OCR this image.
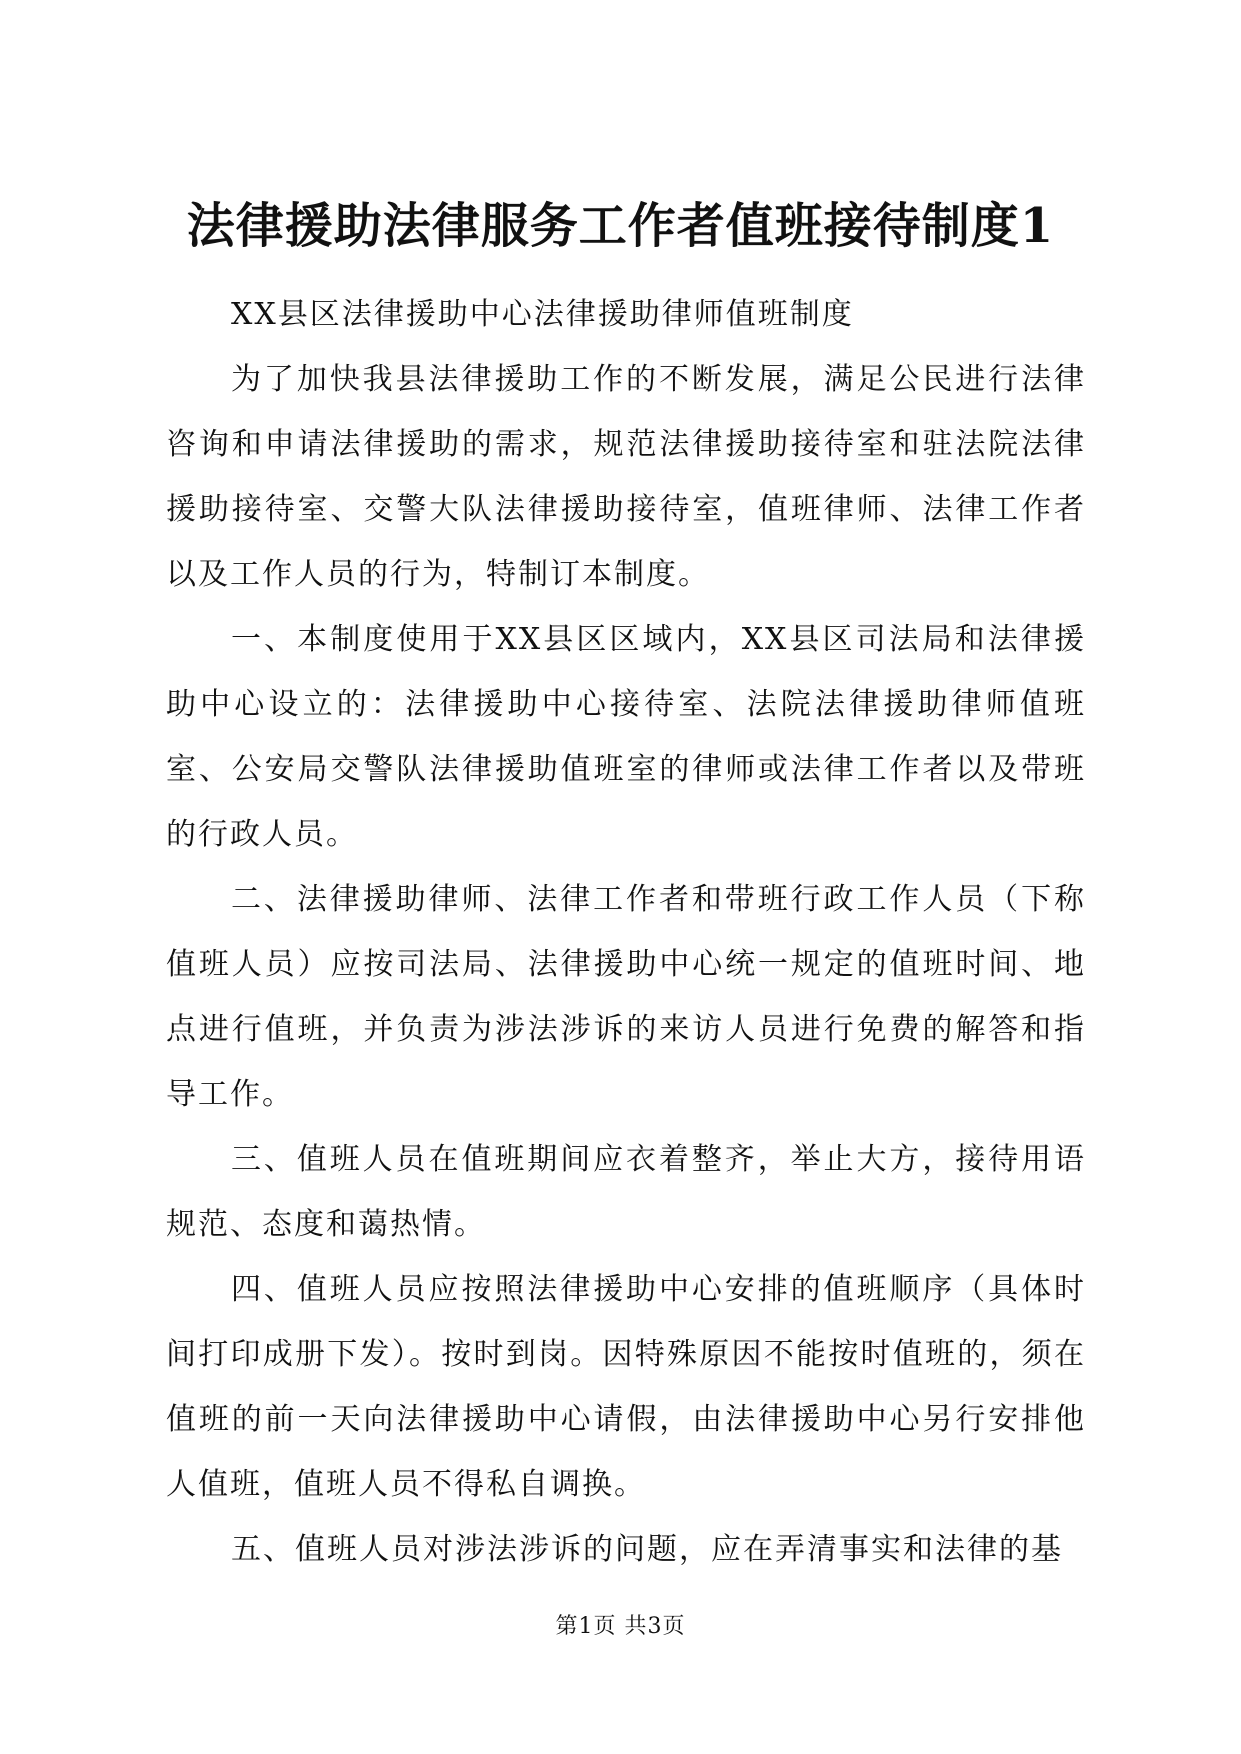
法律援助法律服务工作者值班接待制度1

XX县区法律援助中心法律援助律师值班制度

为了加快我县法律援助工作的不断发展，满足公民进行法律咨询和申请法律援助的需求，规范法律援助接待室和驻法院法律援助接待室、交警大队法律援助接待室，值班律师、法律工作者以及工作人员的行为，特制订本制度。

一、本制度使用于XX县区区域内，XX县区司法局和法律援助中心设立的：法律援助中心接待室、法院法律援助律师值班室、公安局交警队法律援助值班室的律师或法律工作者以及带班的行政人员。

二、法律援助律师、法律工作者和带班行政工作人员（下称值班人员）应按司法局、法律援助中心统一规定的值班时间、地点进行值班，并负责为涉法涉诉的来访人员进行免费的解答和指导工作。

三、值班人员在值班期间应衣着整齐，举止大方，接待用语规范、态度和蔼热情。

四、值班人员应按照法律援助中心安排的值班顺序（具体时间打印成册下发）。按时到岗。因特殊原因不能按时值班的，须在值班的前一天向法律援助中心请假，由法律援助中心另行安排他人值班，值班人员不得私自调换。

五、值班人员对涉法涉诉的问题，应在弄清事实和法律的基

第1页 共3页
